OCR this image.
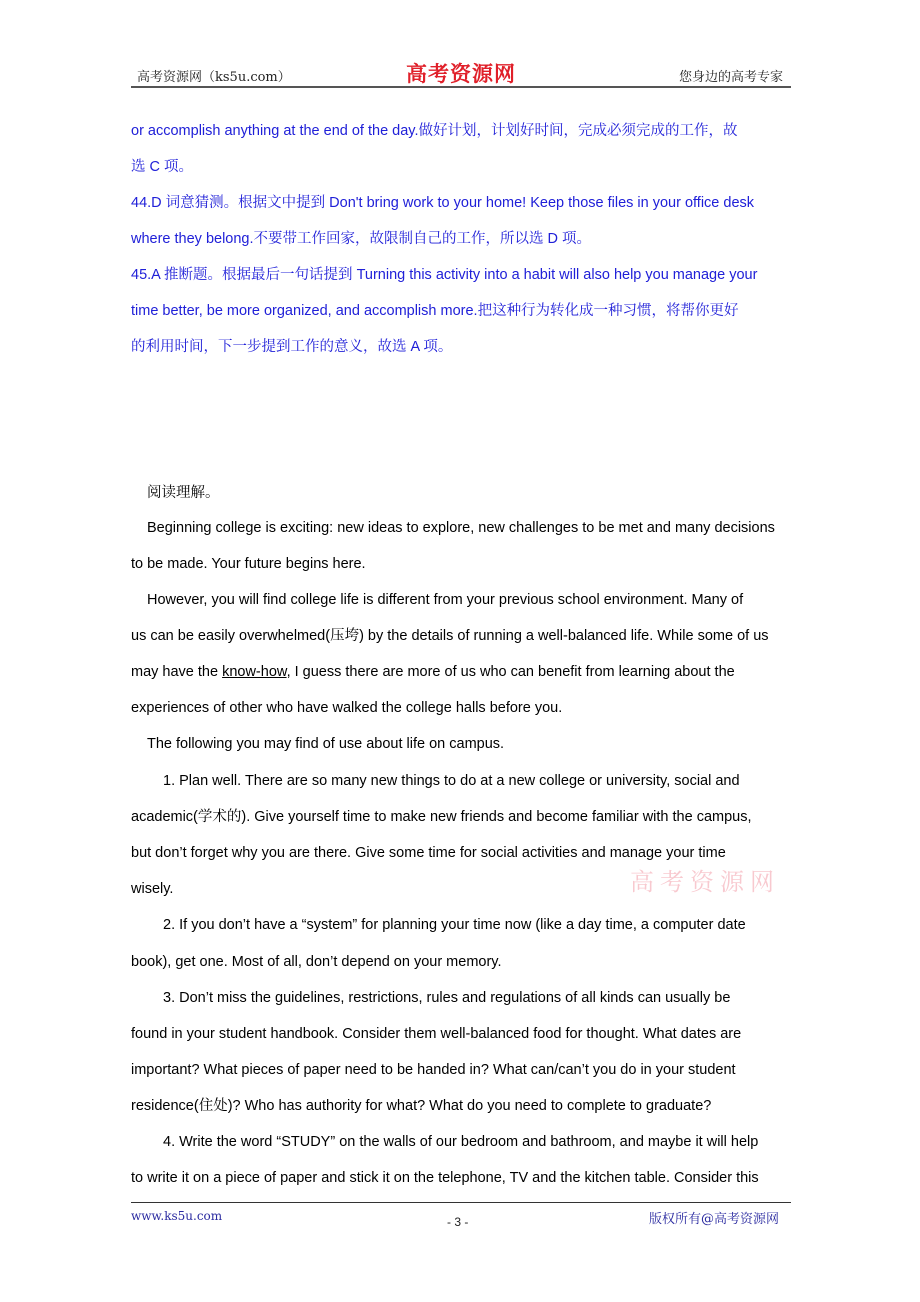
高考资源网（ks5u.com）	高考资源网	您身边的高考专家
or accomplish anything at the end of the day.做好计划，计划好时间，完成必须完成的工作，故
选 C 项。
44.D 词意猜测。根据文中提到 Don't bring work to your home! Keep those files in your office desk
where they belong.不要带工作回家，故限制自己的工作，所以选 D 项。
45.A 推断题。根据最后一句话提到 Turning this activity into a habit will also help you manage your
time better, be more organized, and accomplish more.把这种行为转化成一种习惯，将帮你更好
的利用时间，下一步提到工作的意义，故选 A 项。
阅读理解。
Beginning college is exciting: new ideas to explore, new challenges to be met and many decisions
to be made. Your future begins here.
However, you will find college life is different from your previous school environment. Many of
us can be easily overwhelmed(压垮) by the details of running a well-balanced life. While some of us
may have the know-how, I guess there are more of us who can benefit from learning about the
experiences of other who have walked the college halls before you.
The following you may find of use about life on campus.
1. Plan well. There are so many new things to do at a new college or university, social and
academic(学术的). Give yourself time to make new friends and become familiar with the campus,
but don’t forget why you are there. Give some time for social activities and manage your time
wisely.	高考资源网
2. If you don’t have a “system” for planning your time now (like a day time, a computer date
book), get one. Most of all, don’t depend on your memory.
3. Don’t miss the guidelines, restrictions, rules and regulations of all kinds can usually be
found in your student handbook. Consider them well-balanced food for thought. What dates are
important? What pieces of paper need to be handed in? What can/can’t you do in your student
residence(住处)? Who has authority for what? What do you need to complete to graduate?
4. Write the word “STUDY” on the walls of our bedroom and bathroom, and maybe it will help
to write it on a piece of paper and stick it on the telephone, TV and the kitchen table. Consider this
www.ks5u.com	- 3 -	版权所有@高考资源网
